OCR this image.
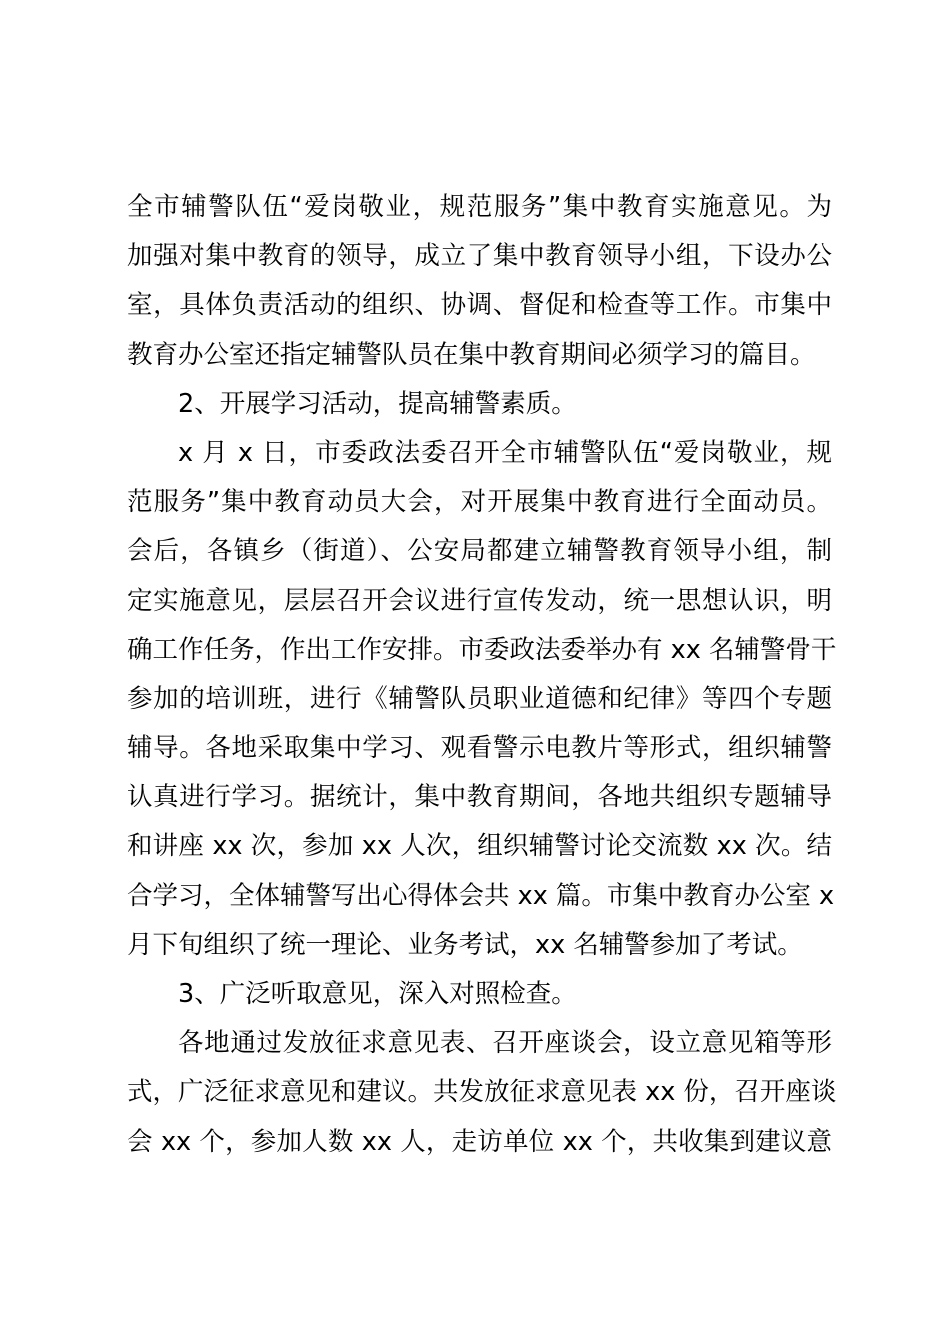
全市辅警队伍“爱岗敬业，规范服务”集中教育实施意见。为
加强对集中教育的领导，成立了集中教育领导小组，下设办公
室，具体负责活动的组织、协调、督促和检查等工作。市集中
教育办公室还指定辅警队员在集中教育期间必须学习的篇目。
2、开展学习活动，提高辅警素质。
x 月 x 日，市委政法委召开全市辅警队伍“爱岗敬业，规
范服务”集中教育动员大会，对开展集中教育进行全面动员。
会后，各镇乡（街道）、公安局都建立辅警教育领导小组，制
定实施意见，层层召开会议进行宣传发动，统一思想认识，明
确工作任务，作出工作安排。市委政法委举办有 xx 名辅警骨干
参加的培训班，进行《辅警队员职业道德和纪律》等四个专题
辅导。各地采取集中学习、观看警示电教片等形式，组织辅警
认真进行学习。据统计，集中教育期间，各地共组织专题辅导
和讲座 xx 次，参加 xx 人次，组织辅警讨论交流数 xx 次。结
合学习，全体辅警写出心得体会共 xx 篇。市集中教育办公室 x
月下旬组织了统一理论、业务考试，xx 名辅警参加了考试。
3、广泛听取意见，深入对照检查。
各地通过发放征求意见表、召开座谈会，设立意见箱等形
式，广泛征求意见和建议。共发放征求意见表 xx 份，召开座谈
会 xx 个，参加人数 xx 人，走访单位 xx 个，共收集到建议意
